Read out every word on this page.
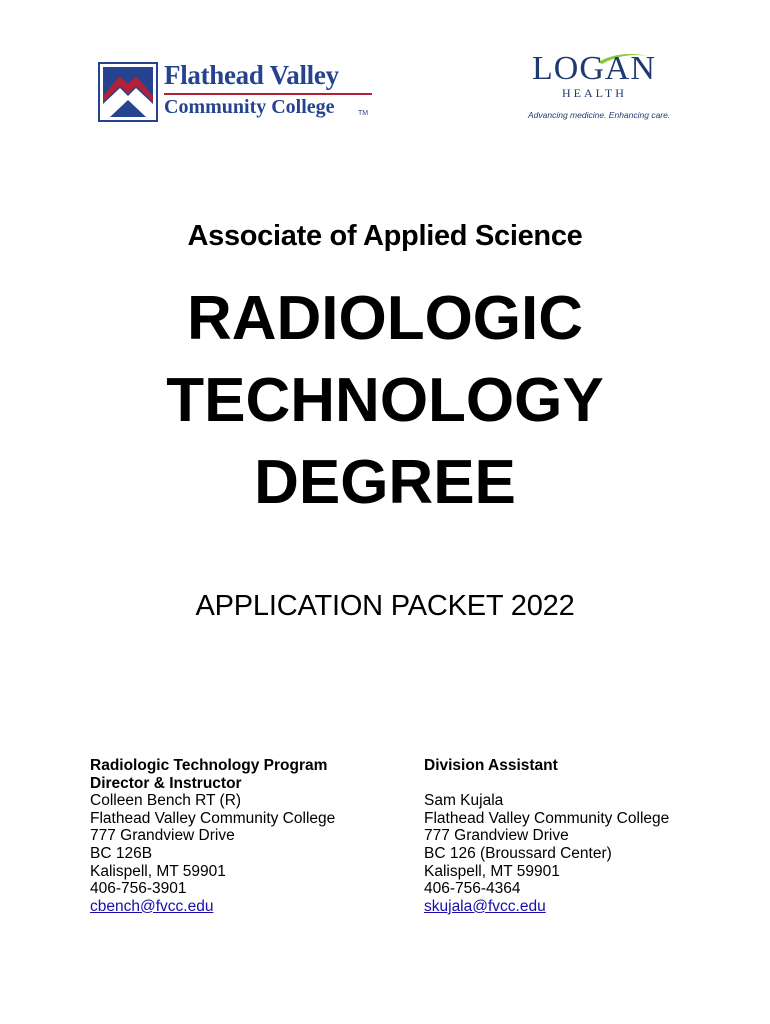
Flathead Valley
Community College	TM
LOGAN
HEALTH
Advancing medicine. Enhancing care.
Associate of Applied Science
RADIOLOGIC
TECHNOLOGY
DEGREE
APPLICATION PACKET 2022
Radiologic Technology Program
Director & Instructor
Colleen Bench RT (R)
Flathead Valley Community College
777 Grandview Drive
BC 126B
Kalispell, MT 59901
406-756-3901
cbench@fvcc.edu
Division Assistant
Sam Kujala
Flathead Valley Community College
777 Grandview Drive
BC 126 (Broussard Center)
Kalispell, MT 59901
406-756-4364
skujala@fvcc.edu
